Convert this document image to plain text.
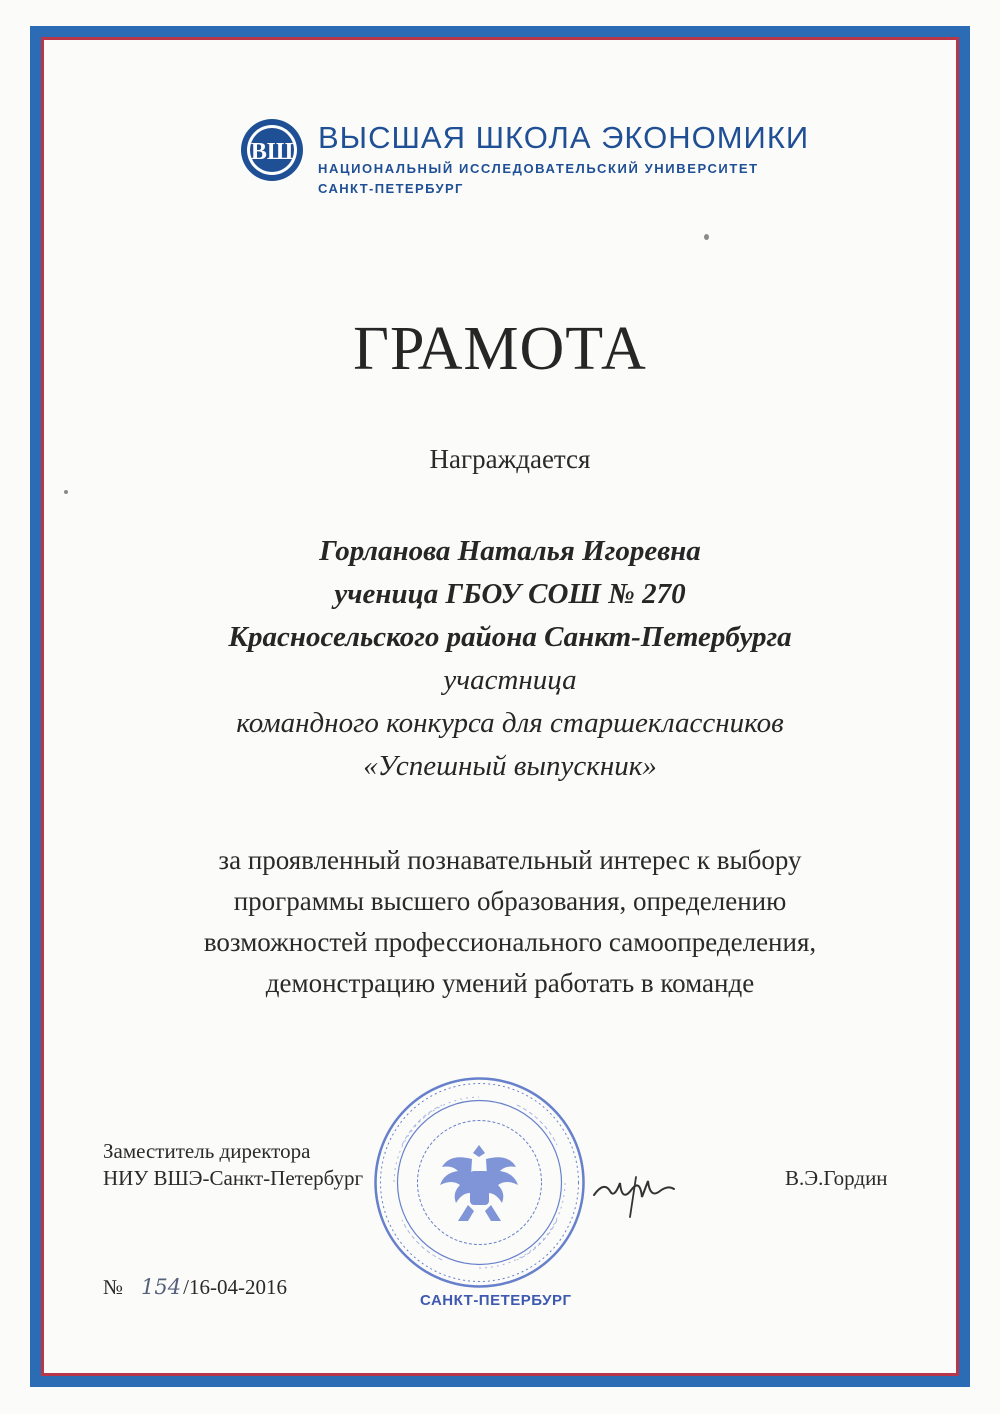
ВШ ВЫСШАЯ ШКОЛА ЭКОНОМИКИ
НАЦИОНАЛЬНЫЙ ИССЛЕДОВАТЕЛЬСКИЙ УНИВЕРСИТЕТ
САНКТ-ПЕТЕРБУРГ
ГРАМОТА
Награждается
Горланова Наталья Игоревна
ученица ГБОУ СОШ № 270
Красносельского района Санкт-Петербурга
участница
командного конкурса для старшеклассников
«Успешный выпускник»
за проявленный познавательный интерес к выбору
программы высшего образования, определению
возможностей профессионального самоопределения,
демонстрацию умений работать в команде
Заместитель директора
НИУ ВШЭ-Санкт-Петербург	В.Э.Гордин
САНКТ-ПЕТЕРБУРГ
№ 154/16-04-2016
